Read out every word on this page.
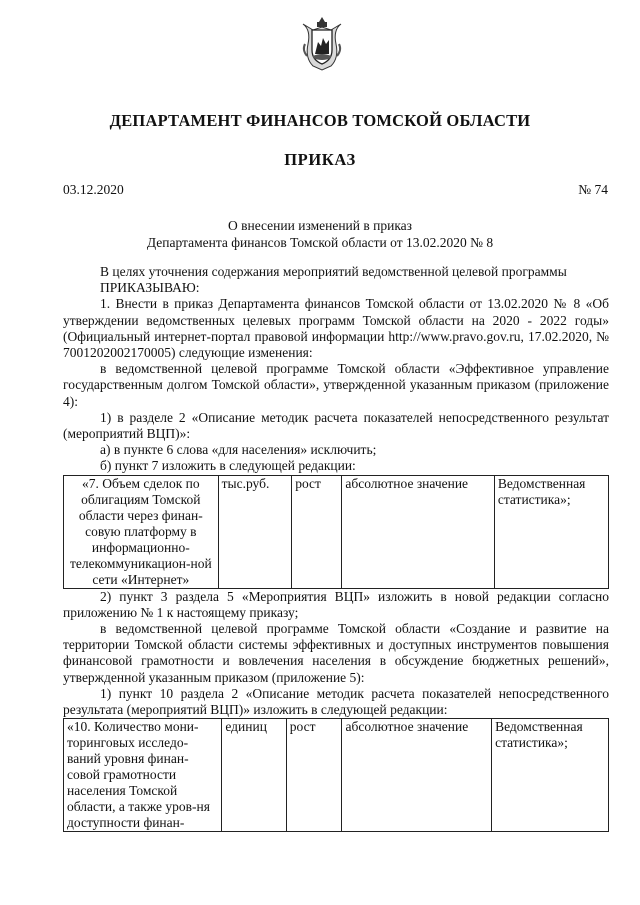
ДЕПАРТАМЕНТ ФИНАНСОВ ТОМСКОЙ ОБЛАСТИ
ПРИКАЗ
03.12.2020	№ 74
О внесении изменений в приказ
Департамента финансов Томской области от 13.02.2020 № 8

В целях уточнения содержания мероприятий ведомственной целевой программы

ПРИКАЗЫВАЮ:

1. Внести в приказ Департамента финансов Томской области от 13.02.2020 № 8 «Об утверждении ведомственных целевых программ Томской области на 2020 - 2022 годы» (Официальный интернет-портал правовой информации http://www.pravo.gov.ru, 17.02.2020, № 7001202002170005) следующие изменения:

в ведомственной целевой программе Томской области «Эффективное управление государственным долгом Томской области», утвержденной указанным приказом (приложение 4):

1) в разделе 2 «Описание методик расчета показателей непосредственного результат (мероприятий ВЦП)»:

а) в пункте 6 слова «для населения» исключить;

б) пункт 7 изложить в следующей редакции:

«7. Объем сделок по облигациям Томской области через финан-совую платформу в информационно-телекоммуникацион-ной сети «Интернет»	тыс.руб.	рост	абсолютное значение	Ведомственная статистика»;

2) пункт 3 раздела 5 «Мероприятия ВЦП» изложить в новой редакции согласно приложению № 1 к настоящему приказу;

в ведомственной целевой программе Томской области «Создание и развитие на территории Томской области системы эффективных и доступных инструментов повышения финансовой грамотности и вовлечения населения в обсуждение бюджетных решений», утвержденной указанным приказом (приложение 5):

1) пункт 10 раздела 2 «Описание методик расчета показателей непосредственного результата (мероприятий ВЦП)» изложить в следующей редакции:

«10. Количество мони-торинговых исследо-ваний уровня финан-совой грамотности населения Томской области, а также уров-ня доступности финан-	единиц	рост	абсолютное значение	Ведомственная статистика»;
